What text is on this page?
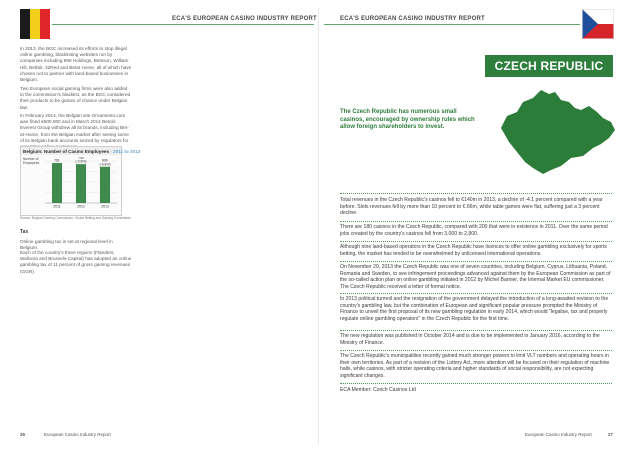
ECA'S EUROPEAN CASINO INDUSTRY REPORT	ECA'S EUROPEAN CASINO INDUSTRY REPORT
In 2013, the BGC increased its efforts to stop illegal online gambling, blacklisting websites run by companies including 888 Holdings, Betsson, William Hill, Betfair, 32Red and Betat Home, all of which have chosen not to partner with land-based businesses in Belgium.
Two European social gaming firms were also added to the commission's blacklist, as the BGC considered their products to be games of chance under Belgian law.
In February 2014, the Belgian site Ornamento.com was fined €600,000 and in March 2014 Betclic Everest Group withdrew all its brands, including Bet-at-Home, from the Belgian market after seeing some of its Belgian bank accounts seized by regulators for
Belgium: Number of Casino Employees - 2011 to 2013
Number of Employees
761
2011
740
(-2.8%)
2012
690
(-6.8%)
2013
Source: Belgian Gaming Commission, Global Betting and Gaming Consultants
Tax
Online gambling tax is set at regional level in Belgium.
Each of the country's three regions (Flanders, Wallonia and Brussels-Capital) has adopted an online gambling tax of 11 percent of gross gaming revenues (GGR).
26	European Casino Industry Report
CZECH REPUBLIC
The Czech Republic has numerous small casinos, encouraged by ownership rules which allow foreign shareholders to invest.
Total revenues in the Czech Republic's casinos fell to €140m in 2013, a decline of -4.1 percent compared with a year before. Slots revenues fell by more than 10 percent to €.66m, while table games were flat, suffering just a 3 percent decline.
There are 180 casinos in the Czech Republic, compared with 200 that were in existence in 2011. Over the same period jobs created by the country's casinos fell from 3,000 to 2,800.
Although nine land-based operators in the Czech Republic have licences to offer online gambling exclusively for sports betting, the market has tended to be overwhelmed by unlicensed international operations.
On November 20, 2013 the Czech Republic was one of seven countries, including Belgium, Cyprus, Lithuania, Poland, Romania and Sweden, to see infringement proceedings advanced against them by the European Commission as part of the so-called action plan on online gambling initiated in 2012 by Michel Barnier, the Internal Market EU commissioner. The Czech Republic received a letter of formal notice.
In 2013 political turmoil and the resignation of the government delayed the introduction of a long-awaited revision to the country's gambling law, but the combination of European and significant popular pressure prompted the Ministry of Finance to unveil the first proposal of its new gambling regulation in early 2014, which would "legalise, tax and properly regulate online gambling operators" in the Czech Republic for the first time.
The new regulation was published in October 2014 and is due to be implemented in January 2016, according to the Ministry of Finance.
The Czech Republic's municipalities recently gained much stronger powers to limit VLT numbers and operating hours in their own territories. As part of a revision of the Lottery Act, more attention will be focused on their regulation of machine halls, while casinos, with stricter operating criteria and higher standards of social responsibility, are not expecting significant changes.
ECA Member: Czech Casinos Ltd
European Casino Industry Report	27
